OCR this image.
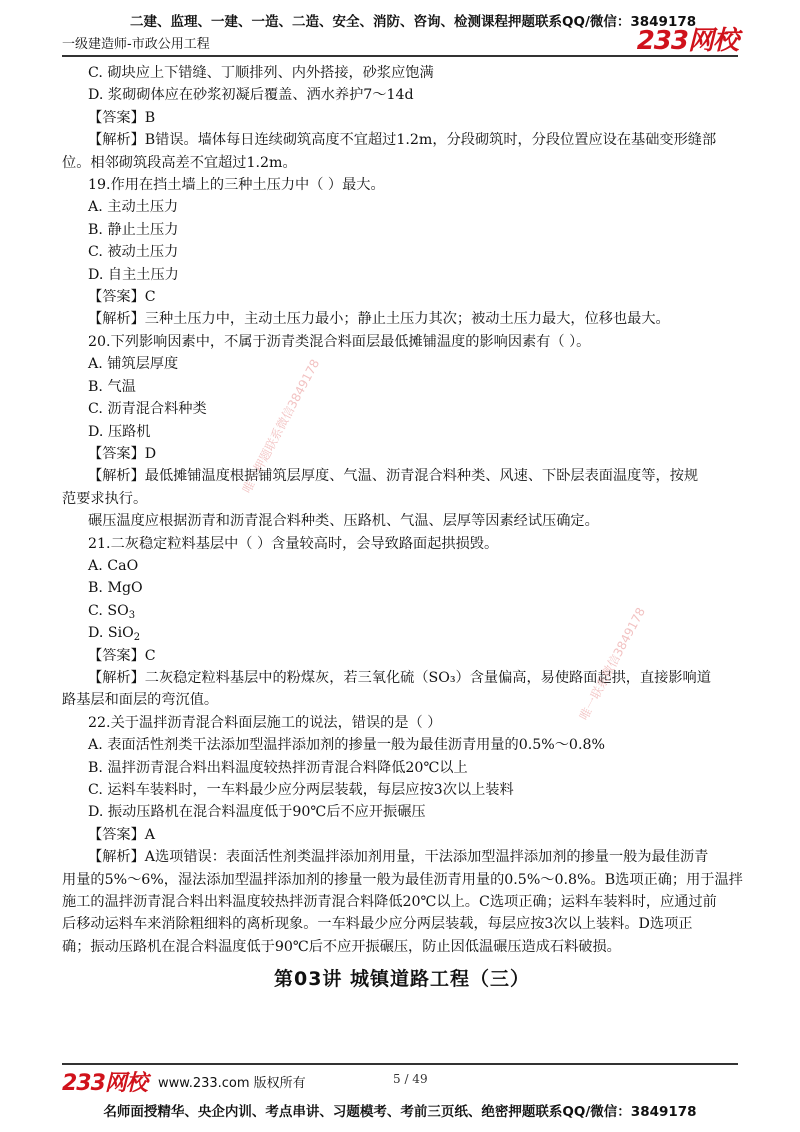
二建、监理、一建、一造、二造、安全、消防、咨询、检测课程押题联系QQ/微信：3849178
一级建造师-市政公用工程	233网校
C. 砌块应上下错缝、丁顺排列、内外搭接，砂浆应饱满
D. 浆砌砌体应在砂浆初凝后覆盖、洒水养护7～14d
【答案】B
【解析】B错误。墙体每日连续砌筑高度不宜超过1.2m，分段砌筑时，分段位置应设在基础变形缝部
位。相邻砌筑段高差不宜超过1.2m。
19.作用在挡土墙上的三种土压力中（ ）最大。
A. 主动土压力
B. 静止土压力
C. 被动土压力
D. 自主土压力
【答案】C
【解析】三种土压力中，主动土压力最小；静止土压力其次；被动土压力最大，位移也最大。
20.下列影响因素中，不属于沥青类混合料面层最低摊铺温度的影响因素有（ ）。
A. 铺筑层厚度
B. 气温
C. 沥青混合料种类
D. 压路机
【答案】D
【解析】最低摊铺温度根据铺筑层厚度、气温、沥青混合料种类、风速、下卧层表面温度等，按规
范要求执行。
碾压温度应根据沥青和沥青混合料种类、压路机、气温、层厚等因素经试压确定。
21.二灰稳定粒料基层中（ ）含量较高时，会导致路面起拱损毁。
A. CaO
B. MgO
C. $SO_3$
D. SiO$_2$
【答案】C
【解析】二灰稳定粒料基层中的粉煤灰，若三氧化硫（SO₃）含量偏高，易使路面起拱，直接影响道
路基层和面层的弯沉值。
22.关于温拌沥青混合料面层施工的说法，错误的是（ ）
A. 表面活性剂类干法添加型温拌添加剂的掺量一般为最佳沥青用量的0.5%～0.8%
B. 温拌沥青混合料出料温度较热拌沥青混合料降低20℃以上
C. 运料车装料时，一车料最少应分两层装载，每层应按3次以上装料
D. 振动压路机在混合料温度低于90℃后不应开振碾压
【答案】A
【解析】A选项错误：表面活性剂类温拌添加剂用量，干法添加型温拌添加剂的掺量一般为最佳沥青
用量的5%～6%，湿法添加型温拌添加剂的掺量一般为最佳沥青用量的0.5%～0.8%。B选项正确；用于温拌
施工的温拌沥青混合料出料温度较热拌沥青混合料降低20℃以上。C选项正确；运料车装料时，应通过前
后移动运料车来消除粗细料的离析现象。一车料最少应分两层装载，每层应按3次以上装料。D选项正
确；振动压路机在混合料温度低于90℃后不应开振碾压，防止因低温碾压造成石料破损。
第03讲 城镇道路工程（三）
唯一押题联系微信3849178
唯一联系微信3849178
233网校 www.233.com 版权所有	5 / 49
名师面授精华、央企内训、考点串讲、习题模考、考前三页纸、绝密押题联系QQ/微信：3849178
